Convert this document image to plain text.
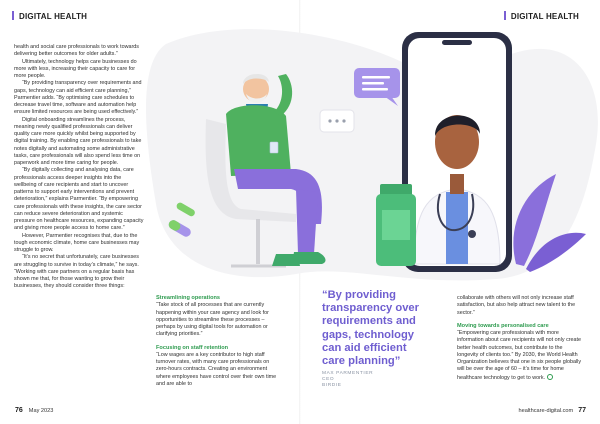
DIGITAL HEALTH	DIGITAL HEALTH

health and social care professionals to work towards delivering better outcomes for older adults.”

Ultimately, technology helps care businesses do more with less, increasing their capacity to care for more people.

“By providing transparency over requirements and gaps, technology can aid efficient care planning,” Parmentier adds. “By optimising care schedules to decrease travel time, software and automation help ensure limited resources are being used effectively.”

Digital onboarding streamlines the process, meaning newly qualified professionals can deliver quality care more quickly whilst being supported by digital training. By enabling care professionals to take notes digitally and automating some administrative tasks, care professionals will also spend less time on paperwork and more time caring for people.

“By digitally collecting and analysing data, care professionals access deeper insights into the wellbeing of care recipients and start to uncover patterns to support early interventions and prevent deterioration,” explains Parmentier. “By empowering care professionals with these insights, the care sector can reduce severe deterioration and systemic pressure on healthcare resources, expanding capacity and giving more people access to home care.”

However, Parmentier recognises that, due to the tough economic climate, home care businesses may struggle to grow.

“It’s no secret that unfortunately, care businesses are struggling to survive in today’s climate,” he says. “Working with care partners on a regular basis has shown me that, for those wanting to grow their businesses, they should consider three things:

Streamlining operations

“Take stock of all processes that are currently happening within your care agency and look for opportunities to streamline these processes – perhaps by using digital tools for automation or clarifying priorities.”

Focusing on staff retention

“Low wages are a key contributor to high staff turnover rates, with many care professionals on zero-hours contracts. Creating an environment where employees have control over their own time and are able to

“By providing transparency over requirements and gaps, technology can aid efficient care planning”
MAX PARMENTIER
CEO
BIRDIE

collaborate with others will not only increase staff satisfaction, but also help attract new talent to the sector.”

Moving towards personalised care

“Empowering care professionals with more information about care recipients will not only create better health outcomes, but contribute to the longevity of clients too.” By 2030, the World Health Organization believes that one in six people globally will be over the age of 60 – it’s time for home healthcare technology to get to work.

76 May 2023	healthcare-digital.com 77
